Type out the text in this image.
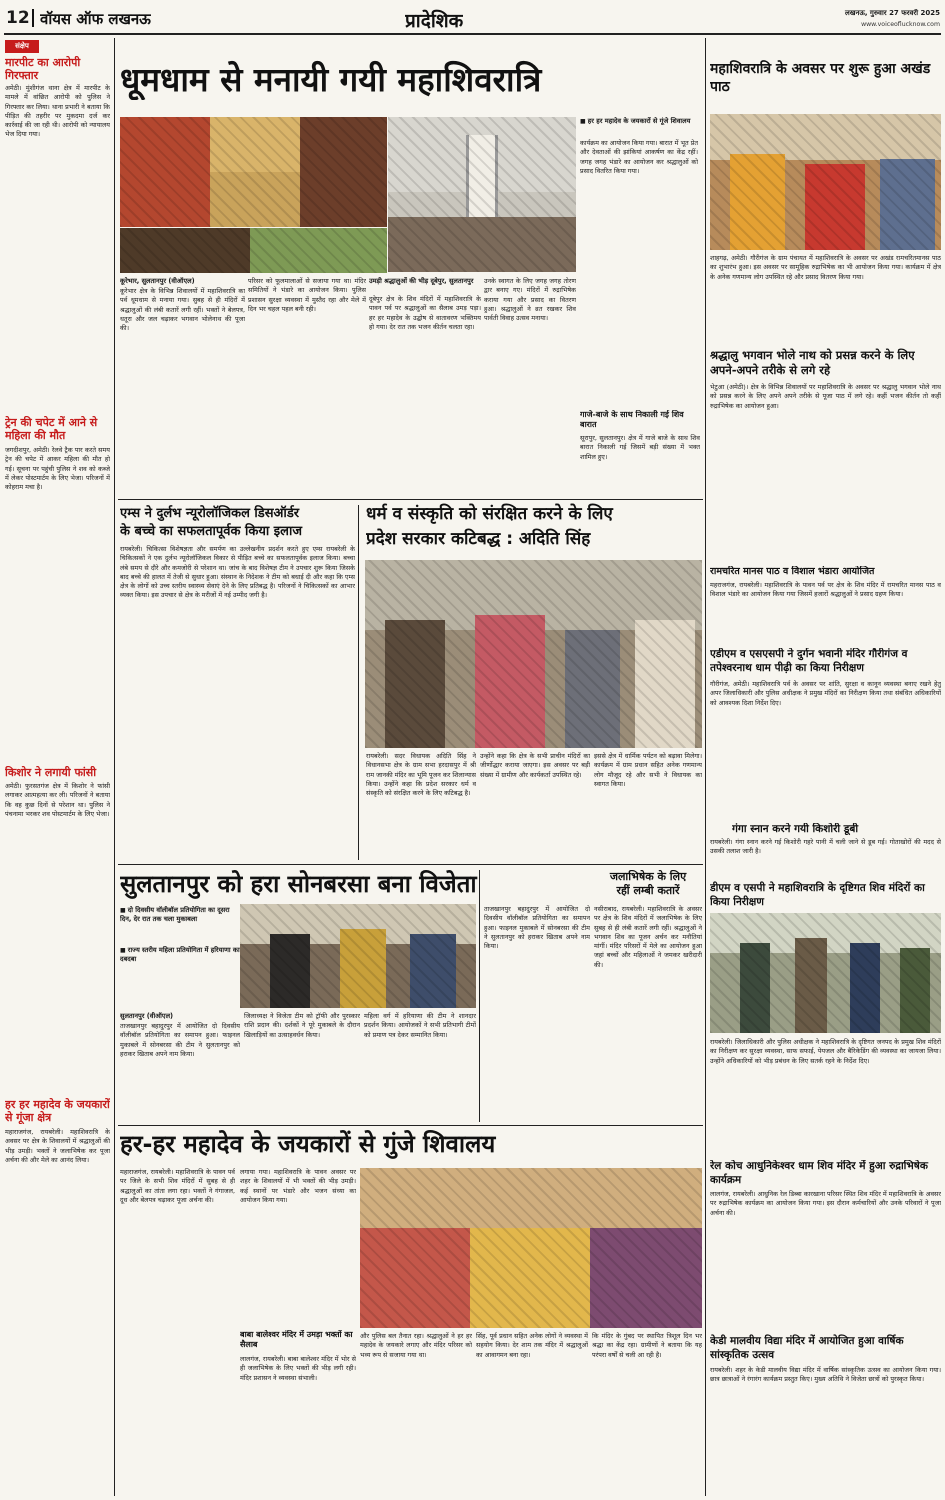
12 वॉयस ऑफ लखनऊ	प्रादेशिक	लखनऊ, गुरुवार 27 फरवरी 2025
www.voiceoflucknow.com
संक्षेप
मारपीट का आरोपी गिरफ्तार

अमेठी। मुंशीगंज थाना क्षेत्र में मारपीट के मामले में वांछित आरोपी को पुलिस ने गिरफ्तार कर लिया। थाना प्रभारी ने बताया कि पीड़ित की तहरीर पर मुकदमा दर्ज कर कार्रवाई की जा रही थी। आरोपी को न्यायालय भेज दिया गया।

ट्रेन की चपेट में आने से महिला की मौत

जगदीशपुर, अमेठी। रेलवे ट्रैक पार करते समय ट्रेन की चपेट में आकर महिला की मौत हो गई। सूचना पर पहुंची पुलिस ने शव को कब्जे में लेकर पोस्टमार्टम के लिए भेजा। परिजनों में कोहराम मचा है।

किशोर ने लगायी फांसी

अमेठी। फुरसतगंज क्षेत्र में किशोर ने फांसी लगाकर आत्महत्या कर ली। परिजनों ने बताया कि वह कुछ दिनों से परेशान था। पुलिस ने पंचनामा भरकर शव पोस्टमार्टम के लिए भेजा।

हर हर महादेव के जयकारों से गूंजा क्षेत्र

महाराजगंज, रायबरेली। महाशिवरात्रि के अवसर पर क्षेत्र के शिवालयों में श्रद्धालुओं की भीड़ उमड़ी। भक्तों ने जलाभिषेक कर पूजा अर्चना की और मेले का आनंद लिया।

धूमधाम से मनायी गयी महाशिवरात्रि
■ हर हर महादेव के जयकारों से गूंजे शिवालय

कार्यक्रम का आयोजन किया गया। बारात में भूत प्रेत और देवताओं की झांकियां आकर्षण का केंद्र रहीं। जगह जगह भंडारे का आयोजन कर श्रद्धालुओं को प्रसाद वितरित किया गया।

कूरेभार, सुलतानपुर (वीऑएल)

कूरेभार क्षेत्र के विभिन्न शिवालयों में महाशिवरात्रि का पर्व धूमधाम से मनाया गया। सुबह से ही मंदिरों में श्रद्धालुओं की लंबी कतारें लगी रहीं। भक्तों ने बेलपत्र, धतूरा और जल चढ़ाकर भगवान भोलेनाथ की पूजा की।

परिसर को फूलमालाओं से सजाया गया था। मंदिर समितियों ने भंडारे का आयोजन किया। पुलिस प्रशासन सुरक्षा व्यवस्था में मुस्तैद रहा और मेले में दिन भर चहल पहल बनी रही।

उमड़ी श्रद्धालुओं की भीड़ दूबेपुर, सुलतानपुर

दूबेपुर क्षेत्र के शिव मंदिरों में महाशिवरात्रि के पावन पर्व पर श्रद्धालुओं का सैलाब उमड़ पड़ा। हर हर महादेव के उद्घोष से वातावरण भक्तिमय हो गया। देर रात तक भजन कीर्तन चलता रहा।

उनके स्वागत के लिए जगह जगह तोरण द्वार बनाए गए। मंदिरों में रुद्राभिषेक कराया गया और प्रसाद का वितरण हुआ। श्रद्धालुओं ने व्रत रखकर शिव पार्वती विवाह उत्सव मनाया।

गाजे-बाजे के साथ निकाली गई शिव बारात

सूरापुर, सुलतानपुर। क्षेत्र में गाजे बाजे के साथ शिव बारात निकाली गई जिसमें बड़ी संख्या में भक्त शामिल हुए।

एम्स ने दुर्लभ न्यूरोलॉजिकल डिसऑर्डर
के बच्चे का सफलतापूर्वक किया इलाज

रायबरेली। चिकित्सा विशेषज्ञता और समर्पण का उल्लेखनीय प्रदर्शन करते हुए एम्स रायबरेली के चिकित्सकों ने एक दुर्लभ न्यूरोलॉजिकल विकार से पीड़ित बच्चे का सफलतापूर्वक इलाज किया। बच्चा लंबे समय से दौरे और कमजोरी से परेशान था। जांच के बाद विशेषज्ञ टीम ने उपचार शुरू किया जिसके बाद बच्चे की हालत में तेजी से सुधार हुआ। संस्थान के निदेशक ने टीम को बधाई दी और कहा कि एम्स क्षेत्र के लोगों को उच्च स्तरीय स्वास्थ्य सेवाएं देने के लिए प्रतिबद्ध है। परिजनों ने चिकित्सकों का आभार व्यक्त किया। इस उपचार से क्षेत्र के मरीजों में नई उम्मीद जगी है।

धर्म व संस्कृति को संरक्षित करने के लिए
प्रदेश सरकार कटिबद्ध : अदिति सिंह

रायबरेली। सदर विधायक अदिति सिंह ने विधानसभा क्षेत्र के ग्राम सभा हरदासपुर में श्री राम जानकी मंदिर का भूमि पूजन कर शिलान्यास किया। उन्होंने कहा कि प्रदेश सरकार धर्म व संस्कृति को संरक्षित करने के लिए कटिबद्ध है।

उन्होंने कहा कि क्षेत्र के सभी प्राचीन मंदिरों का जीर्णोद्धार कराया जाएगा। इस अवसर पर बड़ी संख्या में ग्रामीण और कार्यकर्ता उपस्थित रहे।

इससे क्षेत्र में धार्मिक पर्यटन को बढ़ावा मिलेगा। कार्यक्रम में ग्राम प्रधान सहित अनेक गणमान्य लोग मौजूद रहे और सभी ने विधायक का स्वागत किया।

सुलतानपुर को हरा सोनबरसा बना विजेता
■ दो दिवसीय वॉलीबॉल प्रतियोगिता का दूसरा दिन, देर रात तक चला मुकाबला
■ राज्य स्तरीय महिला प्रतियोगिता में हरियाणा का दबदबा
सुलतानपुर (वीऑएल)

ताजखानपुर बहादुरपुर में आयोजित दो दिवसीय वॉलीबॉल प्रतियोगिता का समापन हुआ। फाइनल मुकाबले में सोनबरसा की टीम ने सुलतानपुर को हराकर खिताब अपने नाम किया।

जिलाध्यक्ष ने विजेता टीम को ट्रॉफी और पुरस्कार राशि प्रदान की। दर्शकों ने पूरे मुकाबले के दौरान खिलाड़ियों का उत्साहवर्धन किया।

महिला वर्ग में हरियाणा की टीम ने शानदार प्रदर्शन किया। आयोजकों ने सभी प्रतिभागी टीमों को प्रमाण पत्र देकर सम्मानित किया।

ताजखानपुर बहादुरपुर में आयोजित दो दिवसीय वॉलीबॉल प्रतियोगिता का समापन हुआ। फाइनल मुकाबले में सोनबरसा की टीम ने सुलतानपुर को हराकर खिताब अपने नाम किया।

जलाभिषेक के लिए
रहीं लम्बी कतारें

नसीराबाद, रायबरेली। महाशिवरात्रि के अवसर पर क्षेत्र के शिव मंदिरों में जलाभिषेक के लिए सुबह से ही लंबी कतारें लगी रहीं। श्रद्धालुओं ने भगवान शिव का पूजन अर्चन कर मनौतियां मांगीं। मंदिर परिसरों में मेले का आयोजन हुआ जहां बच्चों और महिलाओं ने जमकर खरीदारी की।

हर-हर महादेव के जयकारों से गुंजे शिवालय

महाराजगंज, रायबरेली। महाशिवरात्रि के पावन पर्व पर जिले के सभी शिव मंदिरों में सुबह से ही श्रद्धालुओं का तांता लगा रहा। भक्तों ने गंगाजल, दूध और बेलपत्र चढ़ाकर पूजा अर्चना की।

लगाया गया। महाशिवरात्रि के पावन अवसर पर शहर के शिवालयों में भी भक्तों की भीड़ उमड़ी। कई स्थानों पर भंडारे और भजन संध्या का आयोजन किया गया।

बाबा बालेश्वर मंदिर में उमड़ा भक्तों का सैलाब

लालगंज, रायबरेली। बाबा बालेश्वर मंदिर में भोर से ही जलाभिषेक के लिए भक्तों की भीड़ लगी रही। मंदिर प्रशासन ने व्यवस्था संभाली।

और पुलिस बल तैनात रहा। श्रद्धालुओं ने हर हर महादेव के जयकारे लगाए और मंदिर परिसर को भव्य रूप से सजाया गया था।

सिंह, पूर्व प्रधान सहित अनेक लोगों ने व्यवस्था में सहयोग किया। देर शाम तक मंदिर में श्रद्धालुओं का आवागमन बना रहा।

कि मंदिर के गुंबद पर स्थापित त्रिशूल दिन भर श्रद्धा का केंद्र रहा। ग्रामीणों ने बताया कि यह परंपरा वर्षों से चली आ रही है।

महाशिवरात्रि के अवसर पर शुरू हुआ अखंड पाठ

शाहगढ़, अमेठी। गौरीगंज के ग्राम पंचायत में महाशिवरात्रि के अवसर पर अखंड रामचरितमानस पाठ का शुभारंभ हुआ। इस अवसर पर सामूहिक रुद्राभिषेक का भी आयोजन किया गया। कार्यक्रम में क्षेत्र के अनेक गणमान्य लोग उपस्थित रहे और प्रसाद वितरण किया गया।

श्रद्धालु भगवान भोले नाथ को प्रसन्न करने के लिए अपने-अपने तरीके से लगे रहे

भेटुआ (अमेठी)। क्षेत्र के विभिन्न शिवालयों पर महाशिवरात्रि के अवसर पर श्रद्धालु भगवान भोले नाथ को प्रसन्न करने के लिए अपने अपने तरीके से पूजा पाठ में लगे रहे। कहीं भजन कीर्तन तो कहीं रुद्राभिषेक का आयोजन हुआ।

रामचरित मानस पाठ व विशाल भंडारा आयोजित

महराजगंज, रायबरेली। महाशिवरात्रि के पावन पर्व पर क्षेत्र के शिव मंदिर में रामचरित मानस पाठ व विशाल भंडारे का आयोजन किया गया जिसमें हजारों श्रद्धालुओं ने प्रसाद ग्रहण किया।

एडीएम व एसएसपी ने दुर्गन भवानी मंदिर गौरीगंज व तपेश्वरनाथ धाम पीढ़ी का किया निरीक्षण

गौरीगंज, अमेठी। महाशिवरात्रि पर्व के अवसर पर शांति, सुरक्षा व कानून व्यवस्था बनाए रखने हेतु अपर जिलाधिकारी और पुलिस अधीक्षक ने प्रमुख मंदिरों का निरीक्षण किया तथा संबंधित अधिकारियों को आवश्यक दिशा निर्देश दिए।

गंगा स्नान करने गयी किशोरी डूबी

रायबरेली। गंगा स्नान करने गई किशोरी गहरे पानी में चली जाने से डूब गई। गोताखोरों की मदद से उसकी तलाश जारी है।

डीएम व एसपी ने महाशिवरात्रि के दृष्टिगत शिव मंदिरों का किया निरीक्षण

रायबरेली। जिलाधिकारी और पुलिस अधीक्षक ने महाशिवरात्रि के दृष्टिगत जनपद के प्रमुख शिव मंदिरों का निरीक्षण कर सुरक्षा व्यवस्था, साफ सफाई, पेयजल और बैरिकेडिंग की व्यवस्था का जायजा लिया। उन्होंने अधिकारियों को भीड़ प्रबंधन के लिए सतर्क रहने के निर्देश दिए।

रेल कोच आधुनिकेश्वर धाम शिव मंदिर में हुआ रुद्राभिषेक कार्यक्रम

लालगंज, रायबरेली। आधुनिक रेल डिब्बा कारखाना परिसर स्थित शिव मंदिर में महाशिवरात्रि के अवसर पर रुद्राभिषेक कार्यक्रम का आयोजन किया गया। इस दौरान कर्मचारियों और उनके परिवारों ने पूजा अर्चना की।

केडी मालवीय विद्या मंदिर में आयोजित हुआ वार्षिक सांस्कृतिक उत्सव

रायबरेली। शहर के केडी मालवीय विद्या मंदिर में वार्षिक सांस्कृतिक उत्सव का आयोजन किया गया। छात्र छात्राओं ने रंगारंग कार्यक्रम प्रस्तुत किए। मुख्य अतिथि ने विजेता छात्रों को पुरस्कृत किया।
